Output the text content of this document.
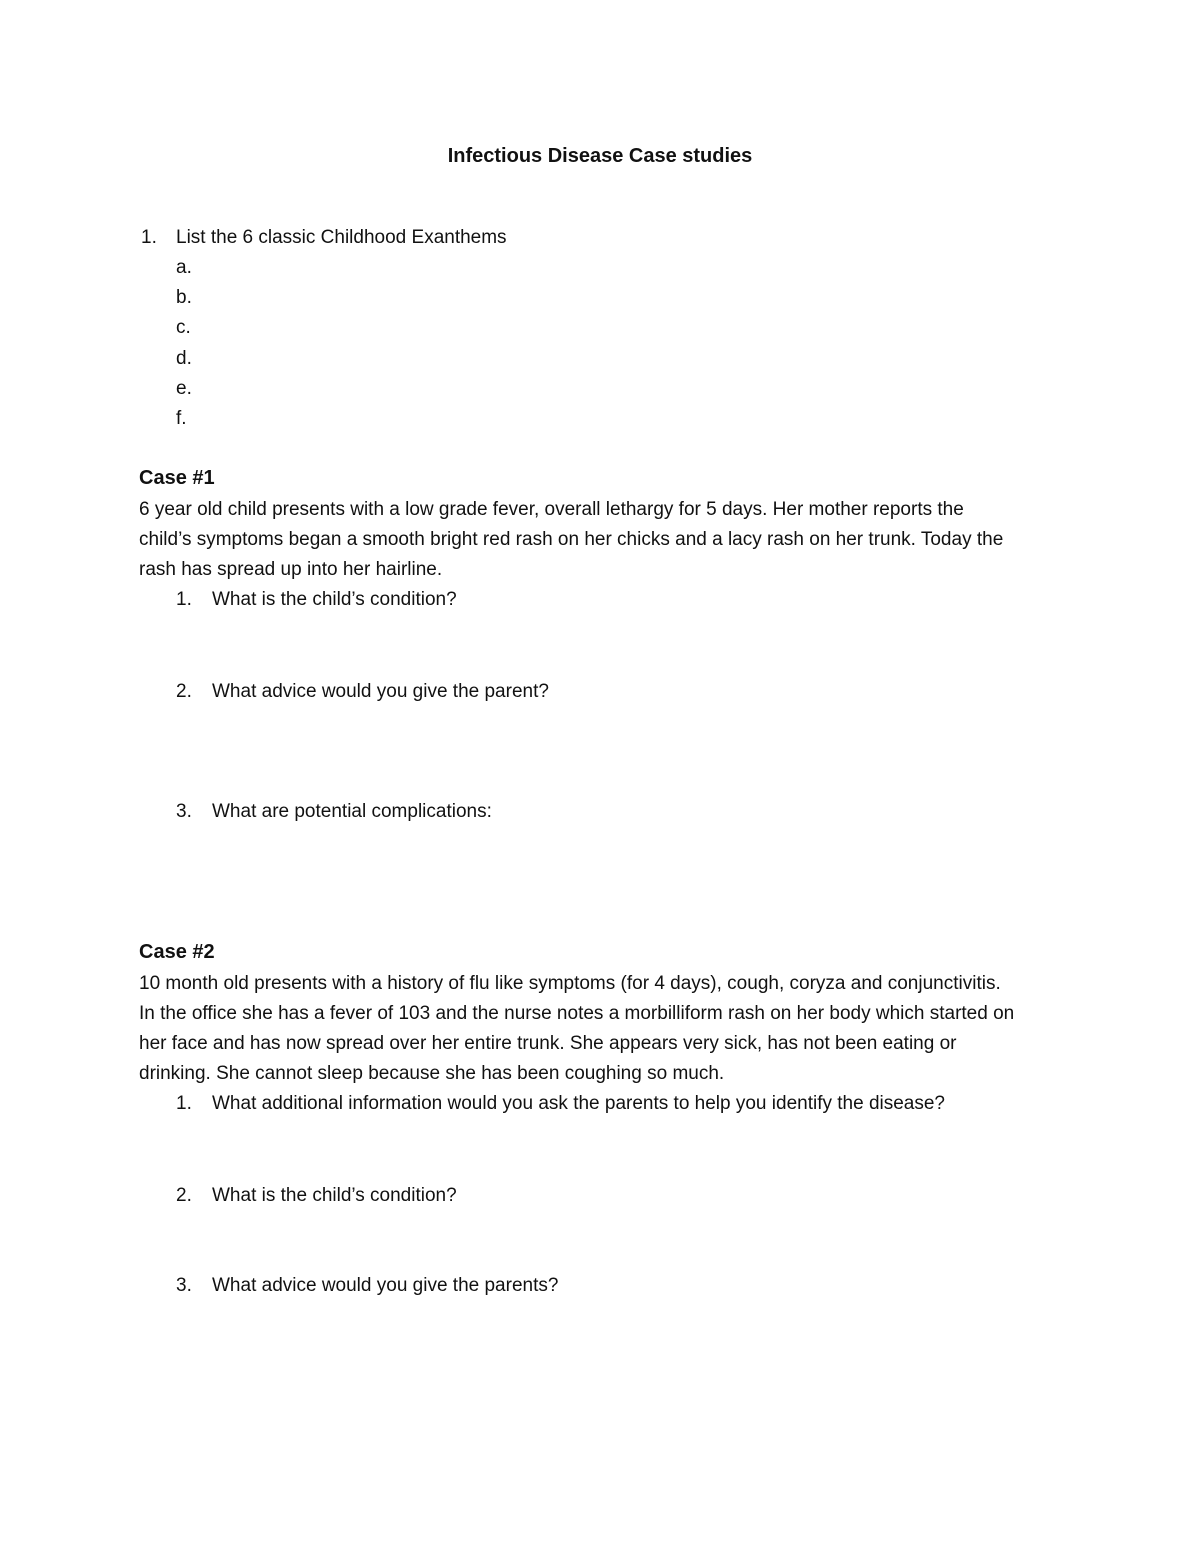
Infectious Disease Case studies
1. List the 6 classic Childhood Exanthems
a.
b.
c.
d.
e.
f.
Case #1
6 year old child presents with a low grade fever, overall lethargy for 5 days. Her mother reports the
child’s symptoms began a smooth bright red rash on her chicks and a lacy rash on her trunk. Today the
rash has spread up into her hairline.
1. What is the child’s condition?
2. What advice would you give the parent?
3. What are potential complications:
Case #2
10 month old presents with a history of flu like symptoms (for 4 days), cough, coryza and conjunctivitis.
In the office she has a fever of 103 and the nurse notes a morbilliform rash on her body which started on
her face and has now spread over her entire trunk. She appears very sick, has not been eating or
drinking. She cannot sleep because she has been coughing so much.
1. What additional information would you ask the parents to help you identify the disease?
2. What is the child’s condition?
3. What advice would you give the parents?
